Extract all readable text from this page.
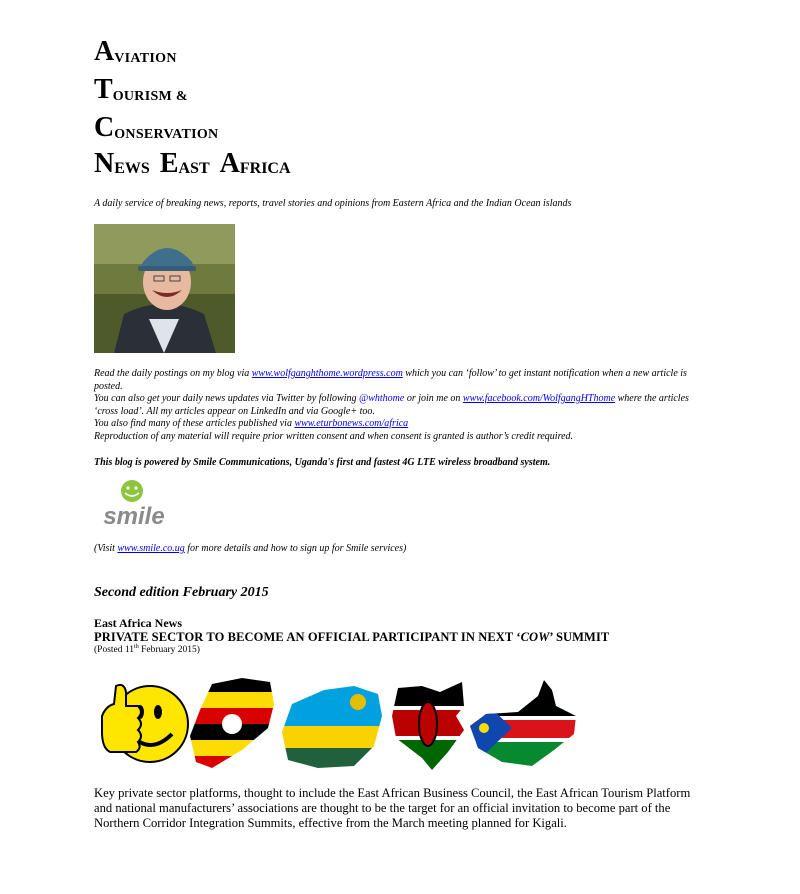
A VIATION
T OURISM &
C ONSERVATION
N EWS E AST A FRICA
A daily service of breaking news, reports, travel stories and opinions from Eastern Africa and the Indian Ocean islands

Read the daily postings on my blog via www.wolfganghthome.wordpress.com which you can ‘follow’ to get instant notification when a new article is posted.

You can also get your daily news updates via Twitter by following @whthome or join me on www.facebook.com/WolfgangHThome where the articles ‘cross load’. All my articles appear on LinkedIn and via Google+ too.

You also find many of these articles published via www.eturbonews.com/africa

Reproduction of any material will require prior written consent and when consent is granted is author’s credit required.

This blog is powered by Smile Communications, Uganda's first and fastest 4G LTE wireless broadband system.
smile
(Visit www.smile.co.ug for more details and how to sign up for Smile services)
Second edition February 2015
East Africa News
PRIVATE SECTOR TO BECOME AN OFFICIAL PARTICIPANT IN NEXT ‘COW’ SUMMIT
(Posted 11th February 2015)
Key private sector platforms, thought to include the East African Business Council, the East African Tourism Platform and national manufacturers’ associations are thought to be the target for an official invitation to become part of the Northern Corridor Integration Summits, effective from the March meeting planned for Kigali.
